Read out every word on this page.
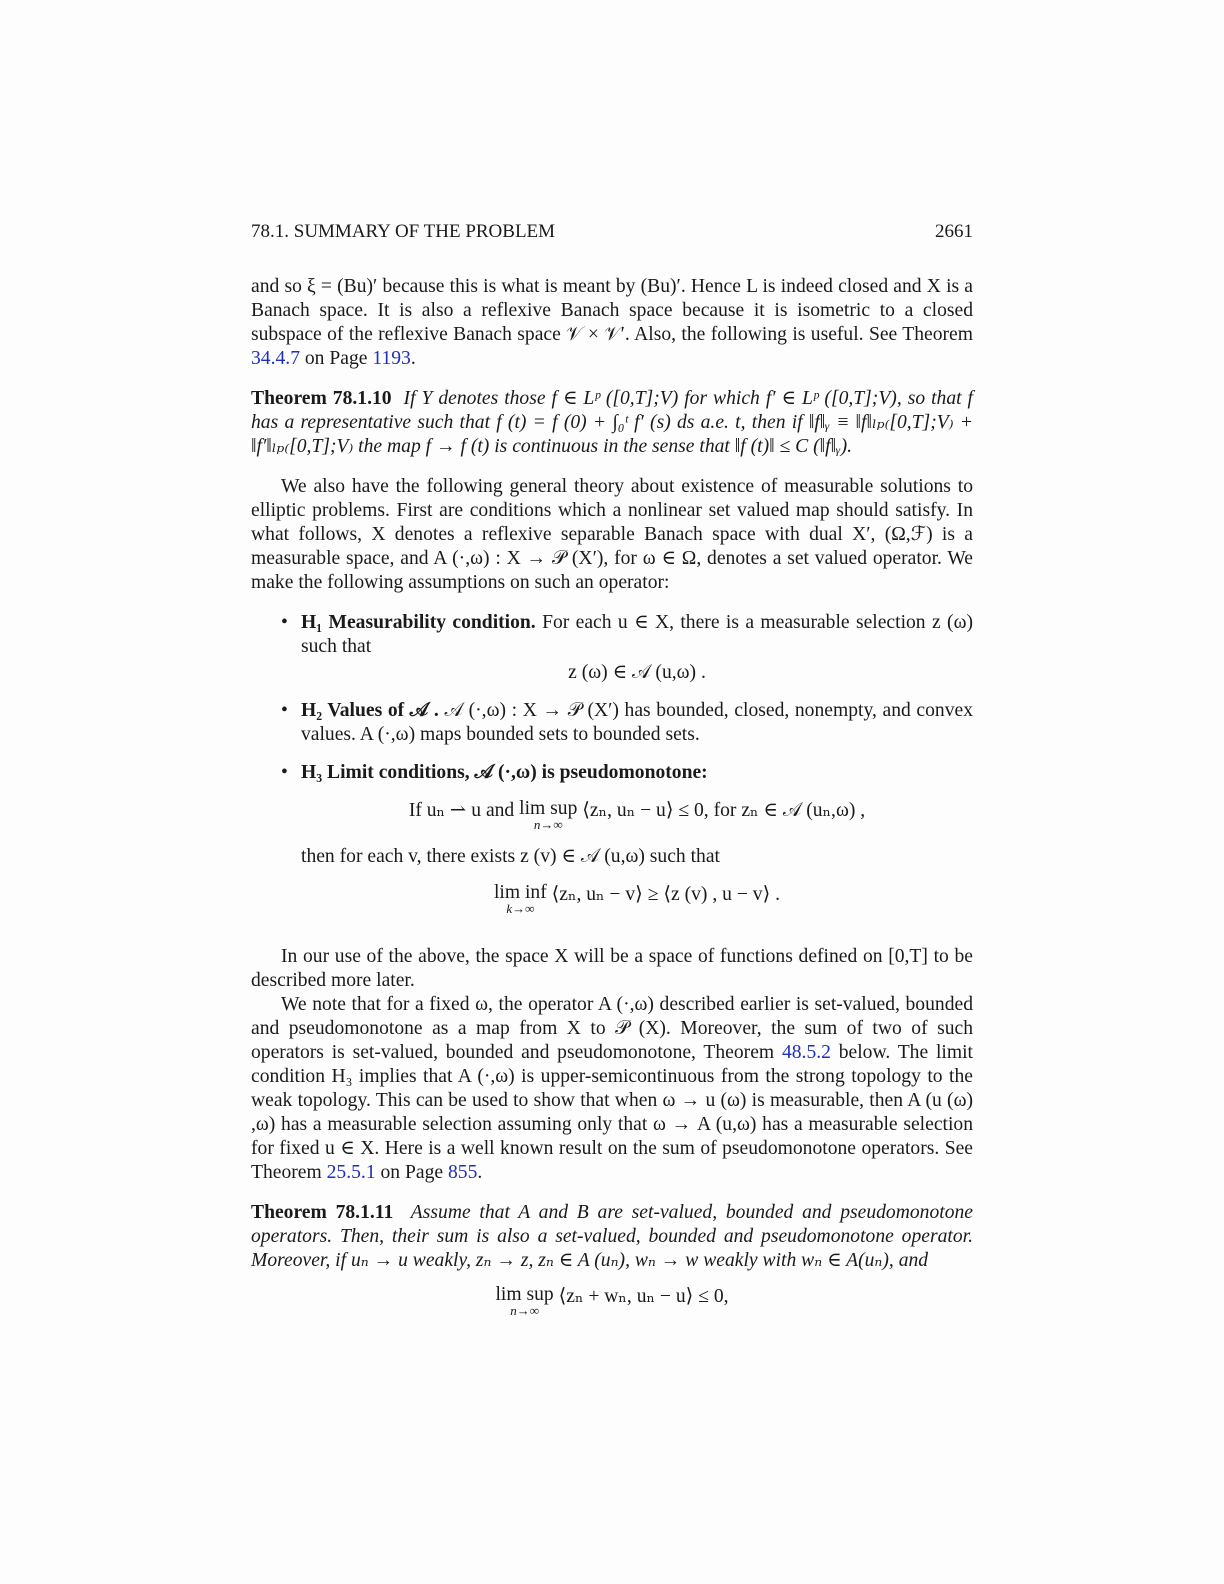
78.1. SUMMARY OF THE PROBLEM	2661

and so ξ = (Bu)′ because this is what is meant by (Bu)′. Hence L is indeed closed and X is a Banach space. It is also a reflexive Banach space because it is isometric to a closed subspace of the reflexive Banach space 𝒱 × 𝒱′. Also, the following is useful. See Theorem 34.4.7 on Page 1193.

Theorem 78.1.10 If Y denotes those f ∈ Lᵖ ([0,T];V) for which f′ ∈ Lᵖ ([0,T];V), so that f has a representative such that f (t) = f (0) + ∫₀ᵗ f′ (s) ds a.e. t, then if ‖f‖ᵧ ≡ ‖f‖ₗₚ₍[0,T];V₎ + ‖f′‖ₗₚ₍[0,T];V₎ the map f → f (t) is continuous in the sense that ‖f (t)‖ ≤ C (‖f‖ᵧ).

We also have the following general theory about existence of measurable solutions to elliptic problems. First are conditions which a nonlinear set valued map should satisfy. In what follows, X denotes a reflexive separable Banach space with dual X′, (Ω,ℱ) is a measurable space, and A (·,ω) : X → 𝒫 (X′), for ω ∈ Ω, denotes a set valued operator. We make the following assumptions on such an operator:

• H₁ Measurability condition. For each u ∈ X, there is a measurable selection z (ω) such that
z (ω) ∈ 𝒜 (u,ω) .
• H₂ Values of 𝒜 . 𝒜 (·,ω) : X → 𝒫 (X′) has bounded, closed, nonempty, and convex values. A (·,ω) maps bounded sets to bounded sets.
• H₃ Limit conditions, 𝒜 (·,ω) is pseudomonotone:
If uₙ ⇀ u and lim sup
n→∞
⟨zₙ, uₙ − u⟩ ≤ 0, for zₙ ∈ 𝒜 (uₙ,ω) ,
then for each v, there exists z (v) ∈ 𝒜 (u,ω) such that
lim inf
k→∞
⟨zₙ, uₙ − v⟩ ≥ ⟨z (v) , u − v⟩ .

In our use of the above, the space X will be a space of functions defined on [0,T] to be described more later.

We note that for a fixed ω, the operator A (·,ω) described earlier is set-valued, bounded and pseudomonotone as a map from X to 𝒫 (X). Moreover, the sum of two of such operators is set-valued, bounded and pseudomonotone, Theorem 48.5.2 below. The limit condition H₃ implies that A (·,ω) is upper-semicontinuous from the strong topology to the weak topology. This can be used to show that when ω → u (ω) is measurable, then A (u (ω) ,ω) has a measurable selection assuming only that ω → A (u,ω) has a measurable selection for fixed u ∈ X. Here is a well known result on the sum of pseudomonotone operators. See Theorem 25.5.1 on Page 855.

Theorem 78.1.11 Assume that A and B are set-valued, bounded and pseudomonotone operators. Then, their sum is also a set-valued, bounded and pseudomonotone operator. Moreover, if uₙ → u weakly, zₙ → z, zₙ ∈ A (uₙ), wₙ → w weakly with wₙ ∈ A(uₙ), and

lim sup
n→∞
⟨zₙ + wₙ, uₙ − u⟩ ≤ 0,
